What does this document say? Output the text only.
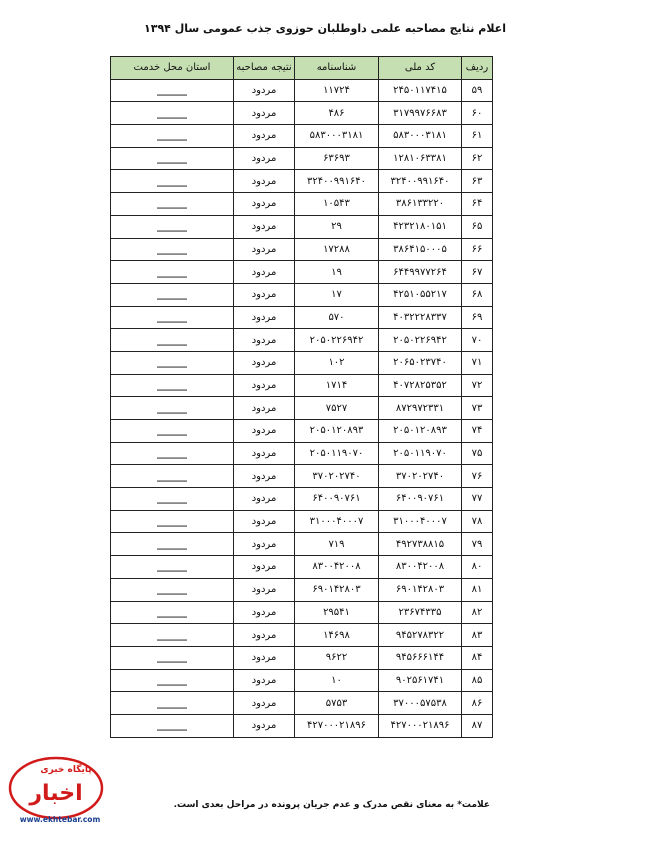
اعلام نتایج مصاحبه علمی داوطلبان حوزوی جذب عمومی سال ۱۳۹۴
ردیف	کد ملی	شناسنامه	نتیجه مصاحبه	استان محل خدمت
۵۹	۲۴۵۰۱۱۷۴۱۵	۱۱۷۲۴	مردود	______
۶۰	۳۱۷۹۹۷۶۶۸۳	۴۸۶	مردود	______
۶۱	۵۸۳۰۰۰۳۱۸۱	۵۸۳۰۰۰۳۱۸۱	مردود	______
۶۲	۱۲۸۱۰۶۳۳۸۱	۶۳۶۹۳	مردود	______
۶۳	۳۲۴۰۰۹۹۱۶۴۰	۳۲۴۰۰۹۹۱۶۴۰	مردود	______
۶۴	۳۸۶۱۳۳۲۲۰	۱۰۵۴۳	مردود	______
۶۵	۴۲۳۲۱۸۰۱۵۱	۲۹	مردود	______
۶۶	۳۸۶۴۱۵۰۰۰۵	۱۷۲۸۸	مردود	______
۶۷	۶۴۴۹۹۷۷۲۶۴	۱۹	مردود	______
۶۸	۴۲۵۱۰۵۵۲۱۷	۱۷	مردود	______
۶۹	۴۰۳۲۲۲۸۳۳۷	۵۷۰	مردود	______
۷۰	۲۰۵۰۲۲۶۹۴۲	۲۰۵۰۲۲۶۹۴۲	مردود	______
۷۱	۲۰۶۵۰۲۳۷۴۰	۱۰۲	مردود	______
۷۲	۴۰۷۲۸۲۵۳۵۲	۱۷۱۴	مردود	______
۷۳	۸۷۲۹۷۲۳۳۱	۷۵۲۷	مردود	______
۷۴	۲۰۵۰۱۲۰۸۹۳	۲۰۵۰۱۲۰۸۹۳	مردود	______
۷۵	۲۰۵۰۱۱۹۰۷۰	۲۰۵۰۱۱۹۰۷۰	مردود	______
۷۶	۳۷۰۲۰۲۷۴۰	۳۷۰۲۰۲۷۴۰	مردود	______
۷۷	۶۴۰۰۹۰۷۶۱	۶۴۰۰۹۰۷۶۱	مردود	______
۷۸	۳۱۰۰۰۴۰۰۰۷	۳۱۰۰۰۴۰۰۰۷	مردود	______
۷۹	۴۹۲۷۳۸۸۱۵	۷۱۹	مردود	______
۸۰	۸۳۰۰۴۲۰۰۸	۸۳۰۰۴۲۰۰۸	مردود	______
۸۱	۶۹۰۱۴۲۸۰۳	۶۹۰۱۴۲۸۰۳	مردود	______
۸۲	۲۳۶۷۴۳۳۵	۲۹۵۴۱	مردود	______
۸۳	۹۴۵۲۷۸۳۲۲	۱۴۶۹۸	مردود	______
۸۴	۹۴۵۶۶۶۱۴۴	۹۶۲۲	مردود	______
۸۵	۹۰۲۵۶۱۷۴۱	۱۰	مردود	______
۸۶	۳۷۰۰۰۵۷۵۳۸	۵۷۵۳	مردود	______
۸۷	۴۲۷۰۰۰۲۱۸۹۶	۴۲۷۰۰۰۲۱۸۹۶	مردود	______
علامت* به معنای نقص مدرک و عدم جریان پرونده در مراحل بعدی است.
پایگاه خبری
اخبار
www.ekhtebar.com
